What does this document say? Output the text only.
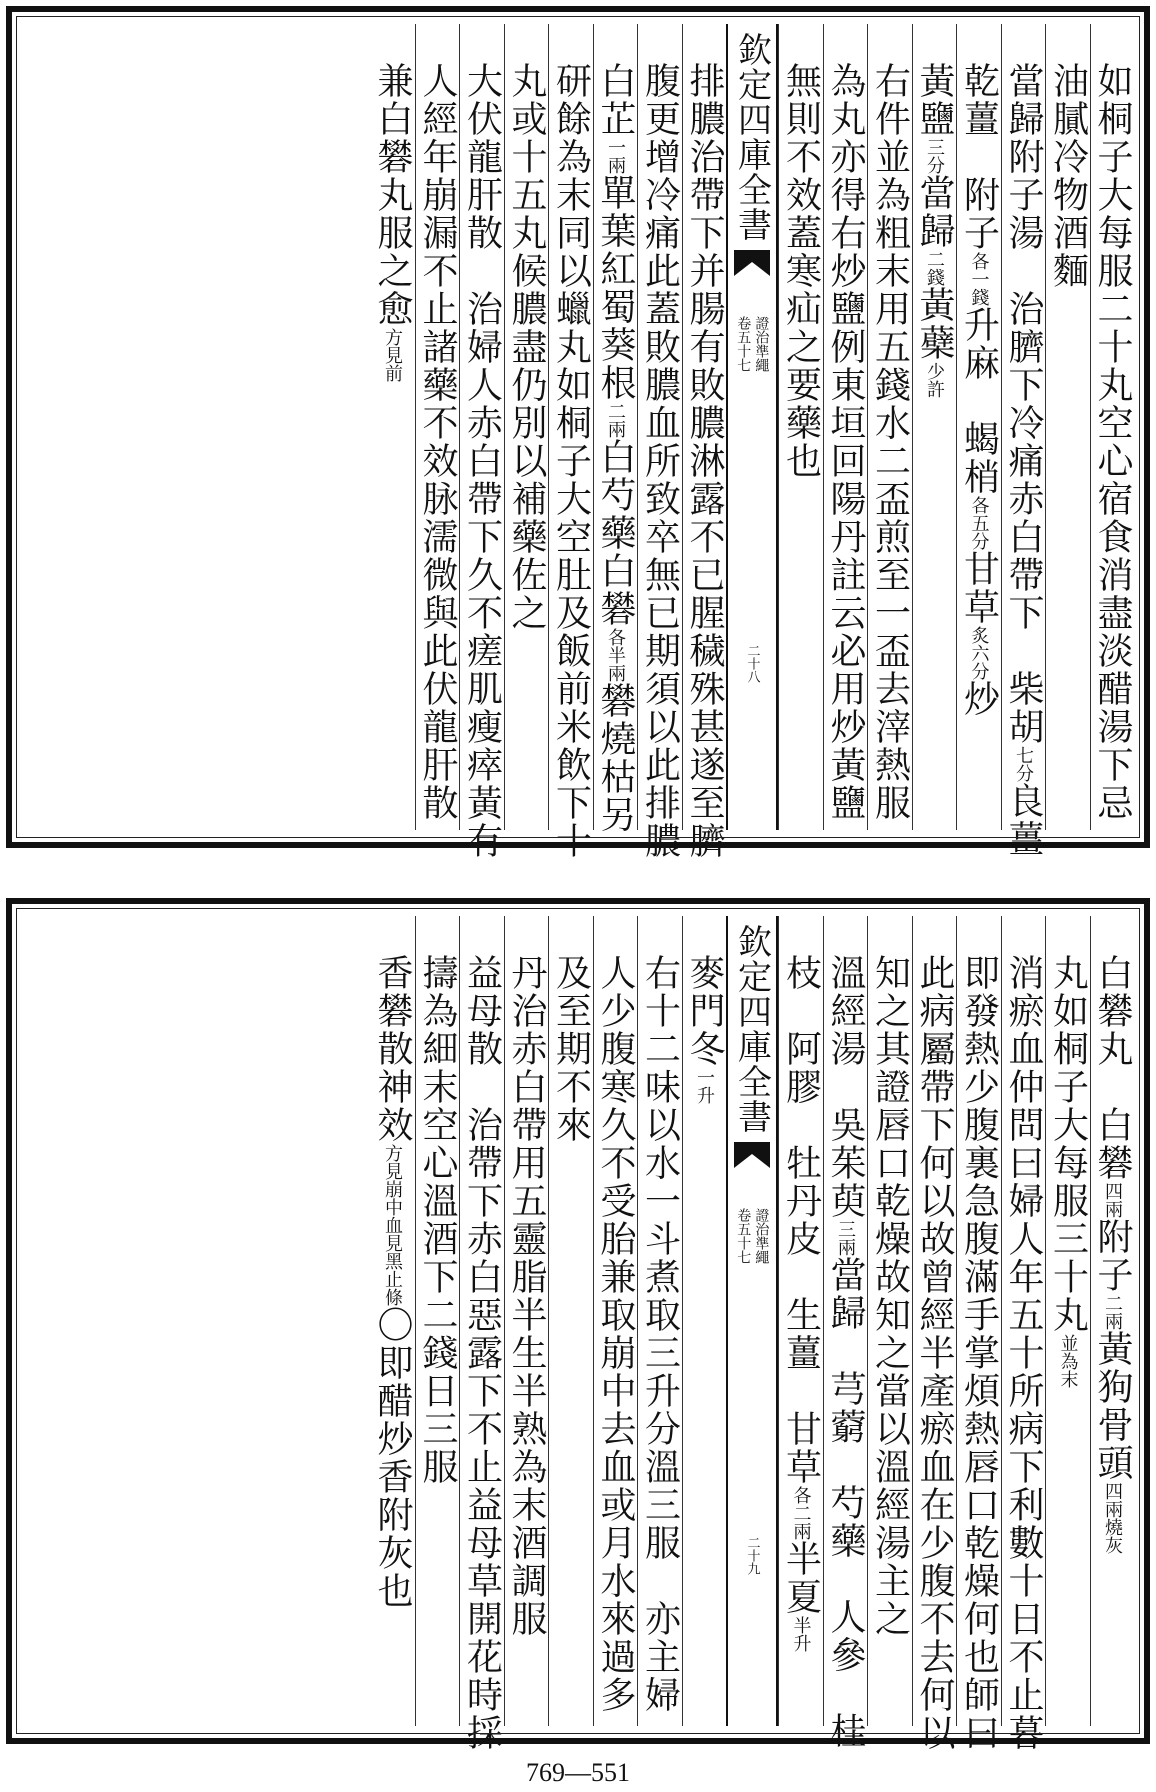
如桐子大每服二十丸空心宿食消盡淡醋湯下忌
油膩冷物酒麵
當歸附子湯　治臍下冷痛赤白帶下　柴胡七分良薑
乾薑　附子各一錢升麻　蝎梢各五分甘草炙六分炒
黃鹽三分當歸二錢黃蘗少許
右件並為粗末用五錢水二盃煎至一盃去滓熱服
為丸亦得右炒鹽例東垣回陽丹註云必用炒黃鹽
無則不效蓋寒疝之要藥也
欽定四庫全書
證治準繩
卷五十七
二十八
排膿治帶下并腸有敗膿淋露不已腥穢殊甚遂至臍
腹更增冷痛此蓋敗膿血所致卒無已期須以此排膿
白芷一兩單葉紅蜀葵根二兩白芍藥白礬各半兩礬燒枯另
研餘為末同以蠟丸如桐子大空肚及飯前米飲下十
丸或十五丸候膿盡仍別以補藥佐之
大伏龍肝散　治婦人赤白帶下久不瘥肌瘦瘁黃有
人經年崩漏不止諸藥不效脉濡微與此伏龍肝散
兼白礬丸服之愈方見前
白礬丸　白礬四兩附子二兩黃狗骨頭四兩燒灰
丸如桐子大每服三十丸並為末
消瘀血仲問曰婦人年五十所病下利數十日不止暮
即發熱少腹裏急腹滿手掌煩熱唇口乾燥何也師曰
此病屬帶下何以故曾經半產瘀血在少腹不去何以
知之其證唇口乾燥故知之當以溫經湯主之
溫經湯　吳茱萸三兩當歸　芎藭　芍藥　人參　桂
枝　阿膠　牡丹皮　生薑　甘草各二兩半夏半升
欽定四庫全書
證治準繩
卷五十七
二十九
麥門冬一升
右十二味以水一斗煮取三升分溫三服　亦主婦
人少腹寒久不受胎兼取崩中去血或月水來過多
及至期不來
丹治赤白帶用五靈脂半生半熟為末酒調服
益母散　治帶下赤白惡露下不止益母草開花時採
擣為細末空心溫酒下二錢日三服
香礬散神效方見崩中血見黑止條〇即醋炒香附灰也
769—551
